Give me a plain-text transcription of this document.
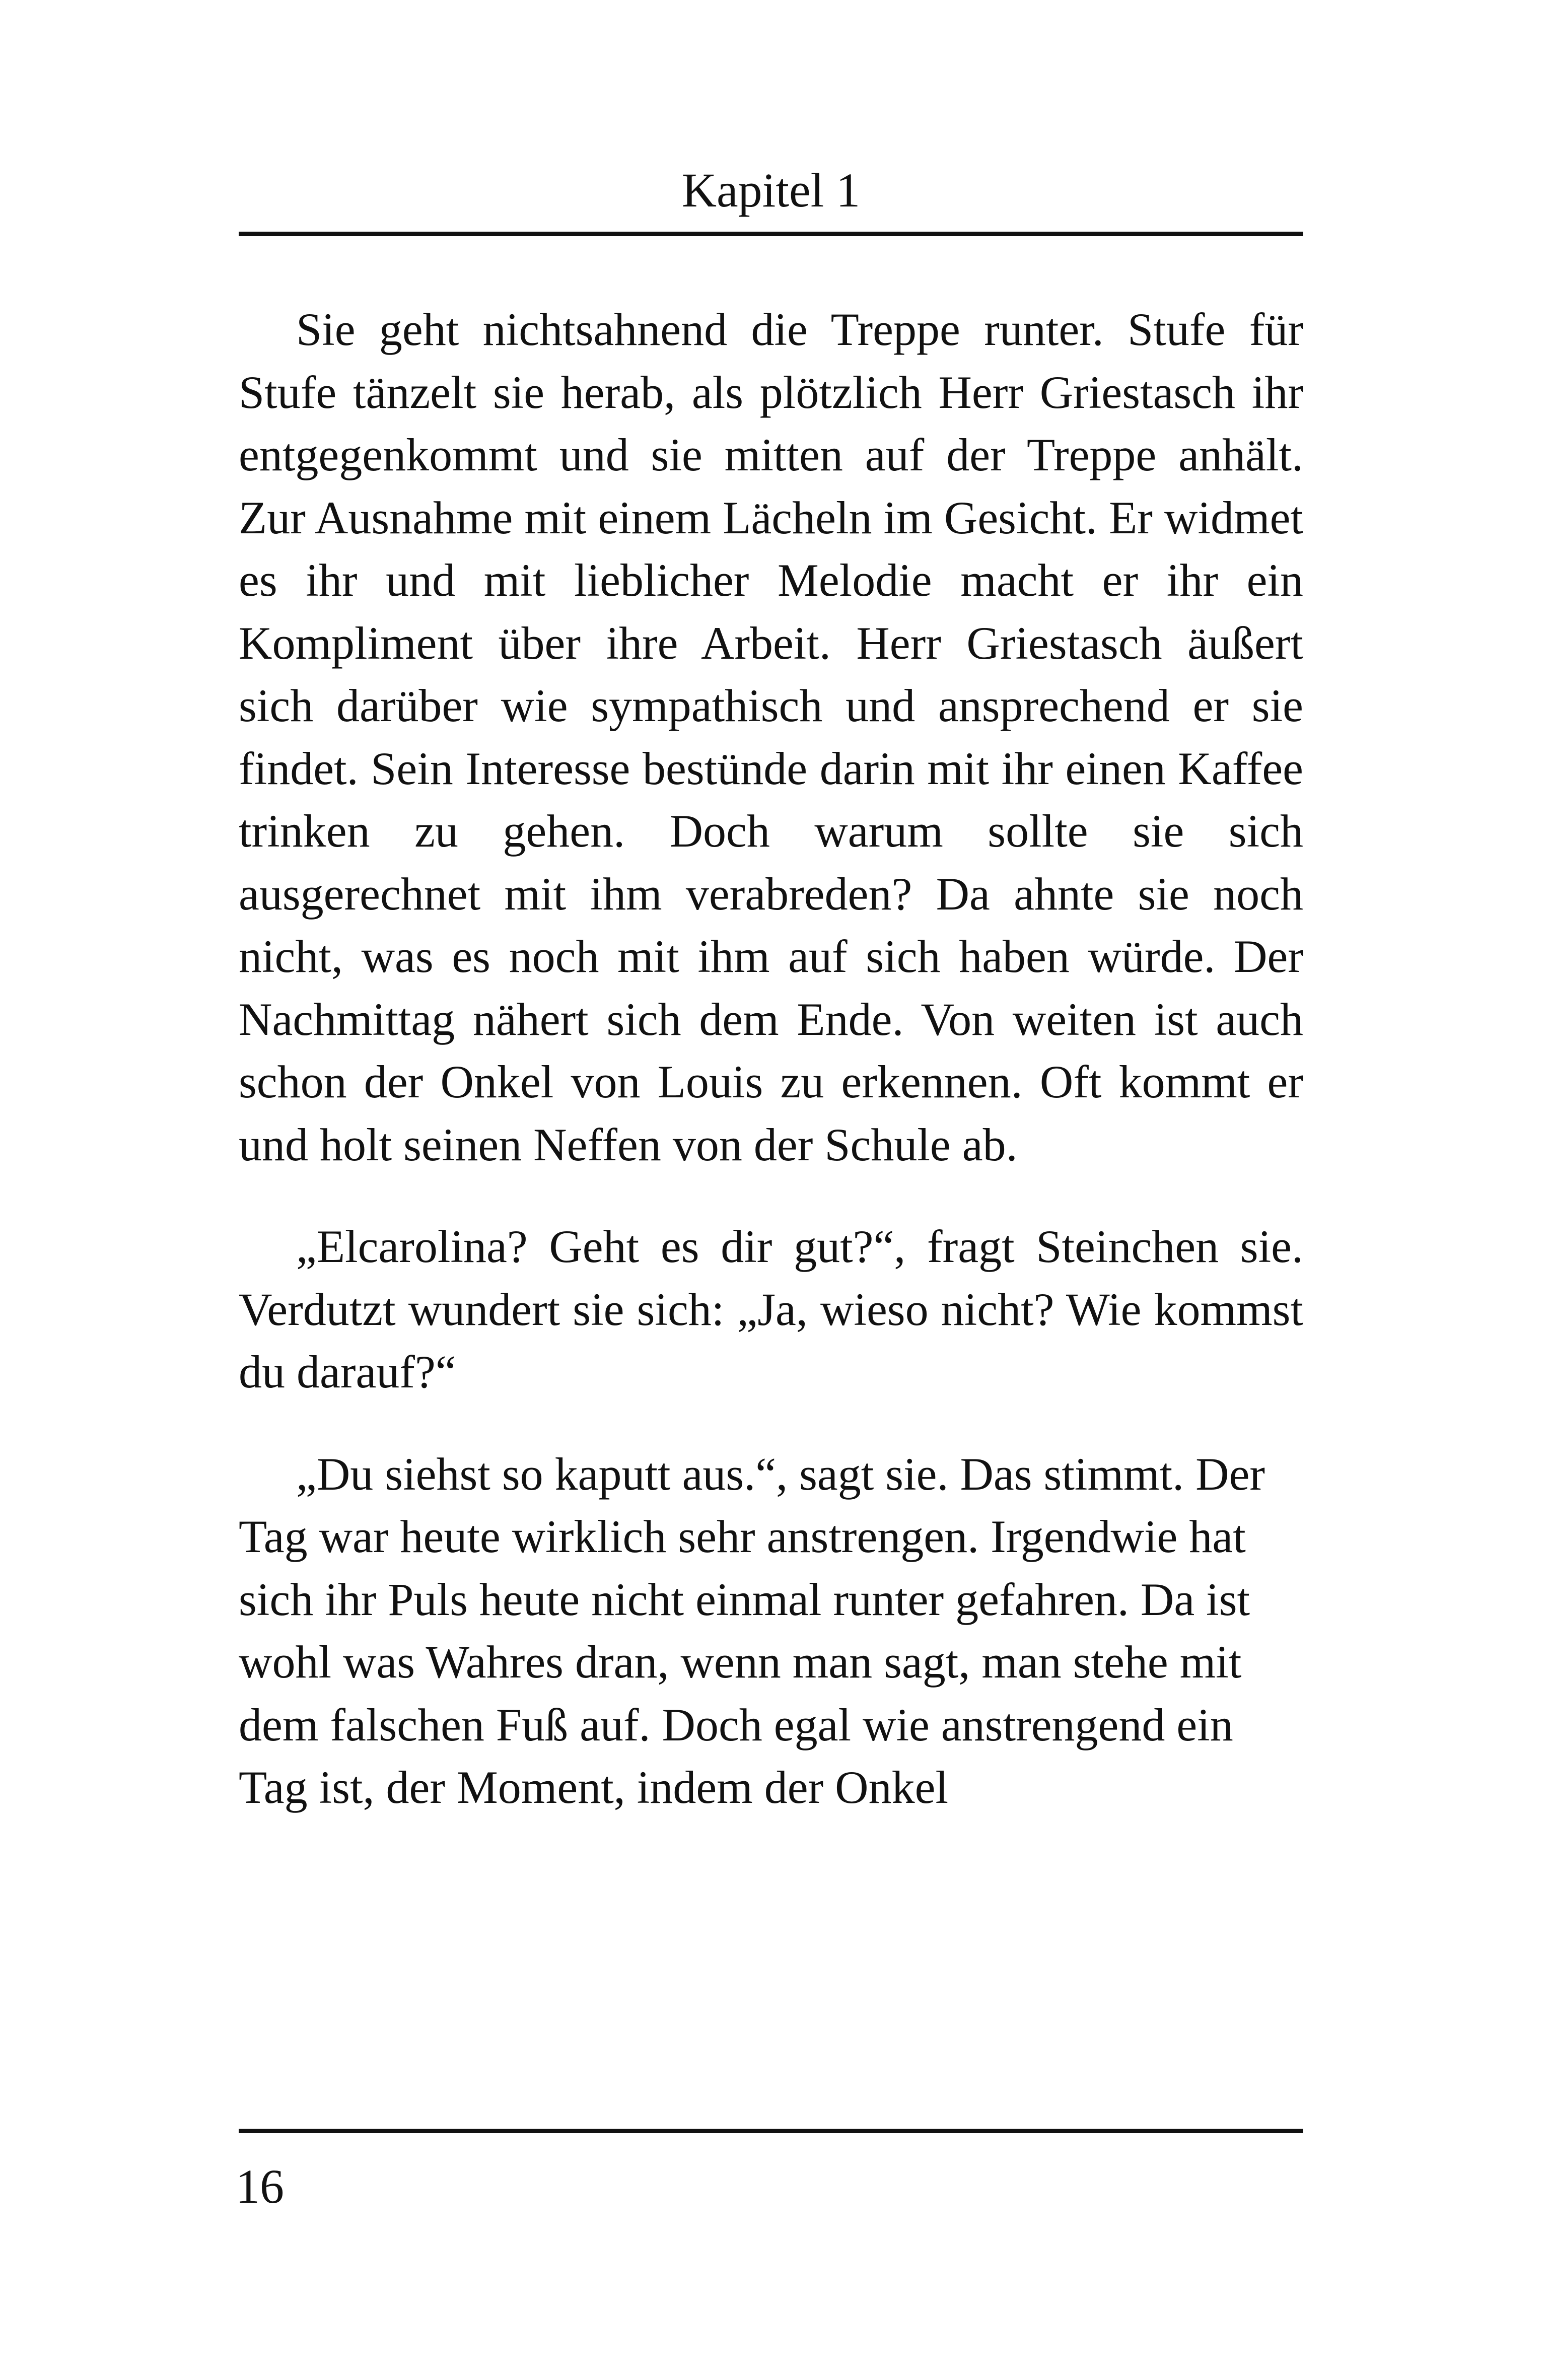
Kapitel 1

Sie geht nichtsahnend die Treppe runter. Stufe für Stufe tänzelt sie herab, als plötzlich Herr Griestasch ihr entgegenkommt und sie mitten auf der Treppe anhält. Zur Ausnahme mit einem Lächeln im Gesicht. Er widmet es ihr und mit lieblicher Melodie macht er ihr ein Kompliment über ihre Arbeit. Herr Griestasch äußert sich darüber wie sympathisch und ansprechend er sie findet. Sein Interesse bestünde darin mit ihr einen Kaffee trinken zu gehen. Doch warum sollte sie sich ausgerechnet mit ihm verabreden? Da ahnte sie noch nicht, was es noch mit ihm auf sich haben würde. Der Nachmittag nähert sich dem Ende. Von weiten ist auch schon der Onkel von Louis zu erkennen. Oft kommt er und holt seinen Neffen von der Schule ab.

„Elcarolina? Geht es dir gut?“, fragt Steinchen sie. Verdutzt wundert sie sich: „Ja, wieso nicht? Wie kommst du darauf?“

„Du siehst so kaputt aus.“, sagt sie. Das stimmt. Der Tag war heute wirklich sehr anstrengen. Irgendwie hat sich ihr Puls heute nicht einmal runter gefahren. Da ist wohl was Wahres dran, wenn man sagt, man stehe mit dem falschen Fuß auf. Doch egal wie anstrengend ein Tag ist, der Moment, indem der Onkel

16
